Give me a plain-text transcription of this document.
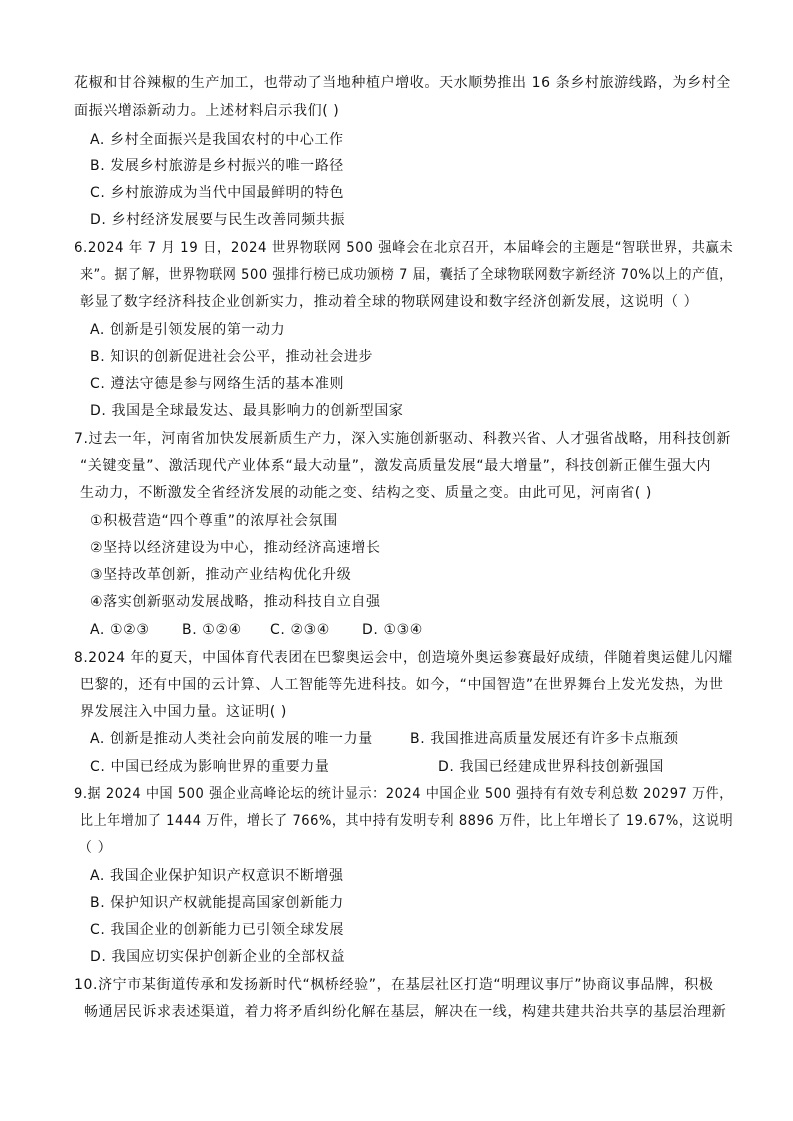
花椒和甘谷辣椒的生产加工，也带动了当地种植户增收。天水顺势推出 16 条乡村旅游线路，为乡村全
面振兴增添新动力。上述材料启示我们( )
A. 乡村全面振兴是我国农村的中心工作
B. 发展乡村旅游是乡村振兴的唯一路径
C. 乡村旅游成为当代中国最鲜明的特色
D. 乡村经济发展要与民生改善同频共振
6.2024 年 7 月 19 日，2024 世界物联网 500 强峰会在北京召开，本届峰会的主题是“智联世界，共赢未
来”。据了解，世界物联网 500 强排行榜已成功颁榜 7 届，囊括了全球物联网数字新经济 70%以上的产值，
彰显了数字经济科技企业创新实力，推动着全球的物联网建设和数字经济创新发展，这说明（ ）
A. 创新是引领发展的第一动力
B. 知识的创新促进社会公平，推动社会进步
C. 遵法守德是参与网络生活的基本准则
D. 我国是全球最发达、最具影响力的创新型国家
7.过去一年，河南省加快发展新质生产力，深入实施创新驱动、科教兴省、人才强省战略，用科技创新
“关键变量”、激活现代产业体系“最大动量”，激发高质量发展“最大增量”，科技创新正催生强大内
生动力，不断激发全省经济发展的动能之变、结构之变、质量之变。由此可见，河南省( )
①积极营造“四个尊重”的浓厚社会氛围
②坚持以经济建设为中心，推动经济高速增长
③坚持改革创新，推动产业结构优化升级
④落实创新驱动发展战略，推动科技自立自强
A. ①②③ B. ①②④ C. ②③④ D. ①③④
8.2024 年的夏天，中国体育代表团在巴黎奥运会中，创造境外奥运参赛最好成绩，伴随着奥运健儿闪耀
巴黎的，还有中国的云计算、人工智能等先进科技。如今，“中国智造”在世界舞台上发光发热，为世
界发展注入中国力量。这证明( )
A. 创新是推动人类社会向前发展的唯一力量	B. 我国推进高质量发展还有许多卡点瓶颈
C. 中国已经成为影响世界的重要力量	D. 我国已经建成世界科技创新强国
9.据 2024 中国 500 强企业高峰论坛的统计显示：2024 中国企业 500 强持有有效专利总数 20297 万件，
比上年增加了 1444 万件，增长了 766%，其中持有发明专利 8896 万件，比上年增长了 19.67%，这说明
（ ）
A. 我国企业保护知识产权意识不断增强
B. 保护知识产权就能提高国家创新能力
C. 我国企业的创新能力已引领全球发展
D. 我国应切实保护创新企业的全部权益
10.济宁市某街道传承和发扬新时代“枫桥经验”，在基层社区打造“明理议事厅”协商议事品牌，积极
畅通居民诉求表述渠道，着力将矛盾纠纷化解在基层，解决在一线，构建共建共治共享的基层治理新
